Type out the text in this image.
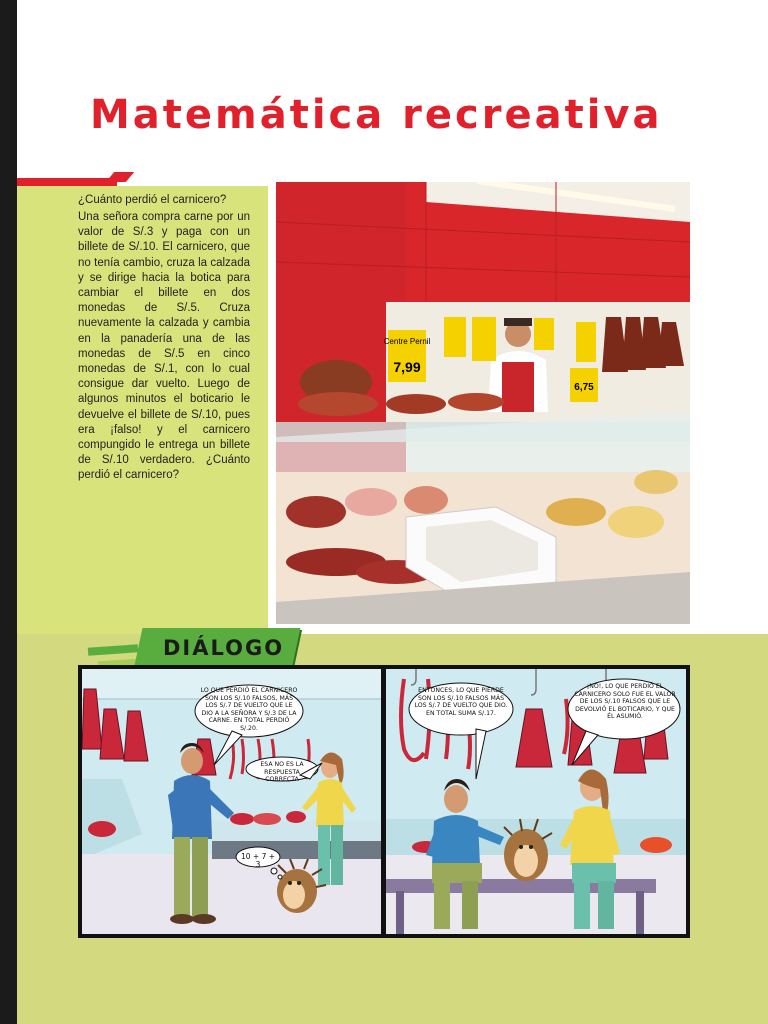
Matemática recreativa

¿Cuánto perdió el carnicero?

Una señora compra carne por un valor de S/.3 y paga con un billete de S/.10. El carnicero, que no tenía cambio, cruza la calzada y se dirige hacia la botica para cambiar el billete en dos monedas de S/.5. Cruza nuevamente la calzada y cambia en la panadería una de las monedas de S/.5 en cinco monedas de S/.1, con lo cual consigue dar vuelto. Luego de algunos minutos el boticario le devuelve el billete de S/.10, pues era ¡falso! y el carnicero compungido le entrega un billete de S/.10 verdadero. ¿Cuánto perdió el carnicero?

Centre Pernil
7,99
6,75

DIÁLOGO

LO QUE PERDIÓ EL CARNICERO SON LOS S/.10 FALSOS, MÁS LOS S/.7 DE VUELTO QUE LE DIO A LA SEÑORA Y S/.3 DE LA CARNE. EN TOTAL PERDIÓ S/.20.

ESA NO ES LA RESPUESTA CORRECTA

10 + 7 + 3

ENTONCES, LO QUE PIERDE SON LOS S/.10 FALSOS MÁS LOS S/.7 DE VUELTO QUE DIO. EN TOTAL SUMA S/.17.

¡NO!, LO QUE PERDIÓ EL CARNICERO SOLO FUE EL VALOR DE LOS S/.10 FALSOS QUE LE DEVOLVIÓ EL BOTICARIO, Y QUE ÉL ASUMIÓ.
